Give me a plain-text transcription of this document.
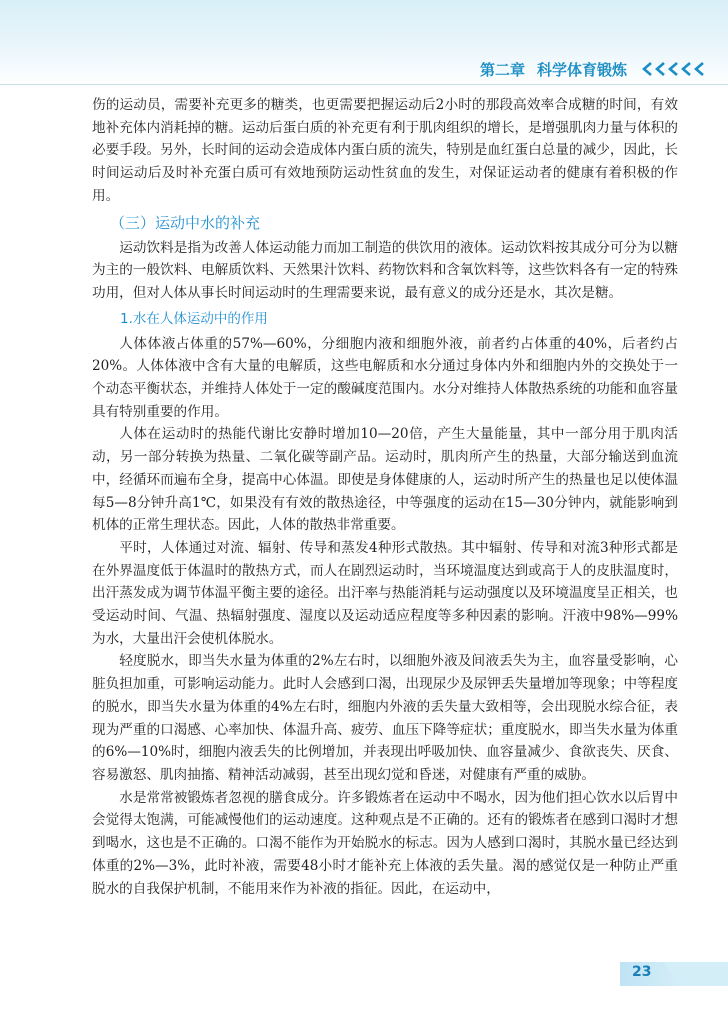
第二章 科学体育锻炼

伤的运动员，需要补充更多的糖类，也更需要把握运动后2小时的那段高效率合成糖的时间，有效地补充体内消耗掉的糖。运动后蛋白质的补充更有利于肌肉组织的增长，是增强肌肉力量与体积的必要手段。另外，长时间的运动会造成体内蛋白质的流失，特别是血红蛋白总量的减少，因此，长时间运动后及时补充蛋白质可有效地预防运动性贫血的发生，对保证运动者的健康有着积极的作用。

（三）运动中水的补充

运动饮料是指为改善人体运动能力而加工制造的供饮用的液体。运动饮料按其成分可分为以糖为主的一般饮料、电解质饮料、天然果汁饮料、药物饮料和含氧饮料等，这些饮料各有一定的特殊功用，但对人体从事长时间运动时的生理需要来说，最有意义的成分还是水，其次是糖。

1.水在人体运动中的作用

人体体液占体重的57%—60%，分细胞内液和细胞外液，前者约占体重的40%，后者约占20%。人体体液中含有大量的电解质，这些电解质和水分通过身体内外和细胞内外的交换处于一个动态平衡状态，并维持人体处于一定的酸碱度范围内。水分对维持人体散热系统的功能和血容量具有特别重要的作用。

人体在运动时的热能代谢比安静时增加10—20倍，产生大量能量，其中一部分用于肌肉活动，另一部分转换为热量、二氧化碳等副产品。运动时，肌肉所产生的热量，大部分输送到血流中，经循环而遍布全身，提高中心体温。即使是身体健康的人，运动时所产生的热量也足以使体温每5—8分钟升高1℃，如果没有有效的散热途径，中等强度的运动在15—30分钟内，就能影响到机体的正常生理状态。因此，人体的散热非常重要。

平时，人体通过对流、辐射、传导和蒸发4种形式散热。其中辐射、传导和对流3种形式都是在外界温度低于体温时的散热方式，而人在剧烈运动时，当环境温度达到或高于人的皮肤温度时，出汗蒸发成为调节体温平衡主要的途径。出汗率与热能消耗与运动强度以及环境温度呈正相关，也受运动时间、气温、热辐射强度、湿度以及运动适应程度等多种因素的影响。汗液中98%—99%为水，大量出汗会使机体脱水。

轻度脱水，即当失水量为体重的2%左右时，以细胞外液及间液丢失为主，血容量受影响，心脏负担加重，可影响运动能力。此时人会感到口渴，出现尿少及尿钾丢失量增加等现象；中等程度的脱水，即当失水量为体重的4%左右时，细胞内外液的丢失量大致相等，会出现脱水综合征，表现为严重的口渴感、心率加快、体温升高、疲劳、血压下降等症状；重度脱水，即当失水量为体重的6%—10%时，细胞内液丢失的比例增加，并表现出呼吸加快、血容量减少、食欲丧失、厌食、容易激怒、肌肉抽搐、精神活动减弱，甚至出现幻觉和昏迷，对健康有严重的威胁。

水是常常被锻炼者忽视的膳食成分。许多锻炼者在运动中不喝水，因为他们担心饮水以后胃中会觉得太饱满，可能减慢他们的运动速度。这种观点是不正确的。还有的锻炼者在感到口渴时才想到喝水，这也是不正确的。口渴不能作为开始脱水的标志。因为人感到口渴时，其脱水量已经达到体重的2%—3%，此时补液，需要48小时才能补充上体液的丢失量。渴的感觉仅是一种防止严重脱水的自我保护机制，不能用来作为补液的指征。因此，在运动中，

23
